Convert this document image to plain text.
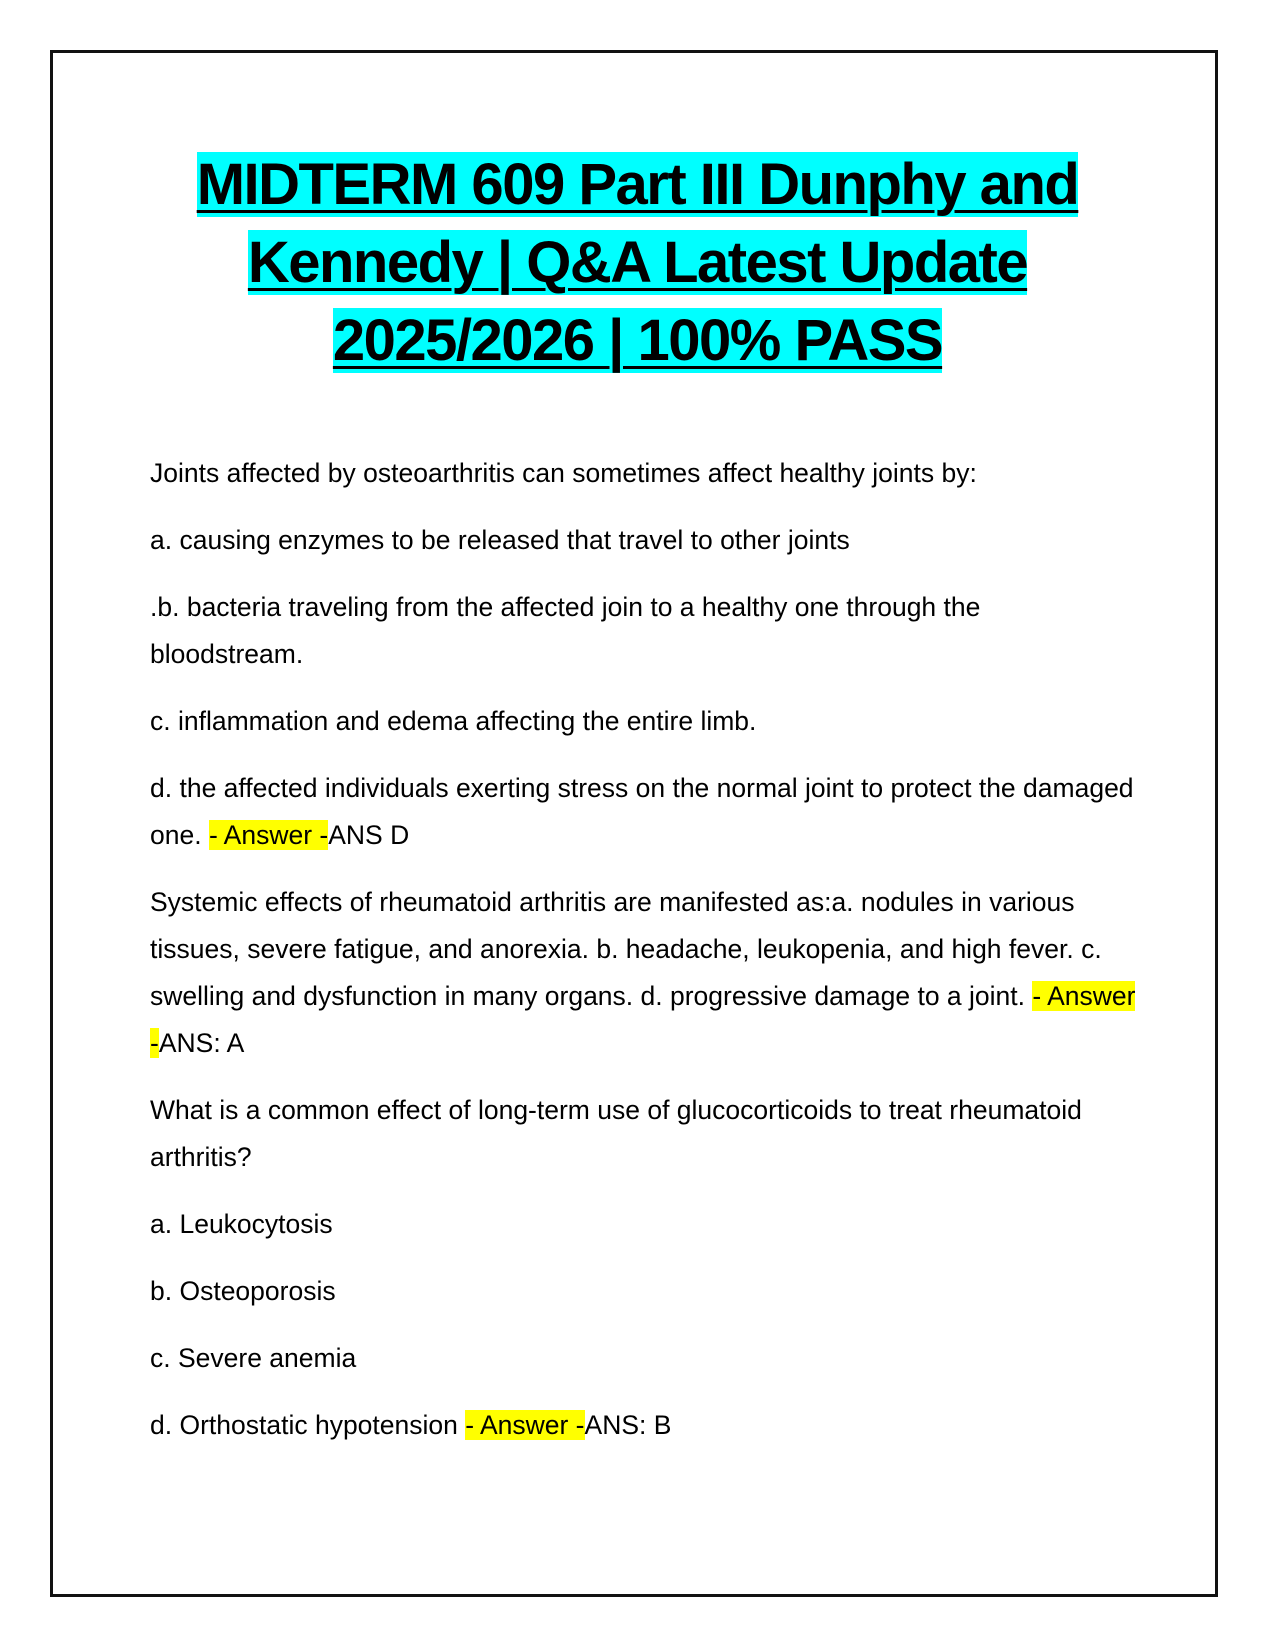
MIDTERM 609 Part III Dunphy and
Kennedy | Q&A Latest Update
2025/2026 | 100% PASS

Joints affected by osteoarthritis can sometimes affect healthy joints by:

a. causing enzymes to be released that travel to other joints

.b. bacteria traveling from the affected join to a healthy one through the bloodstream.

c. inflammation and edema affecting the entire limb.

d. the affected individuals exerting stress on the normal joint to protect the damaged one. - Answer -ANS D

Systemic effects of rheumatoid arthritis are manifested as:a. nodules in various tissues, severe fatigue, and anorexia. b. headache, leukopenia, and high fever. c. swelling and dysfunction in many organs. d. progressive damage to a joint. - Answer -ANS: A

What is a common effect of long-term use of glucocorticoids to treat rheumatoid arthritis?

a. Leukocytosis

b. Osteoporosis

c. Severe anemia

d. Orthostatic hypotension - Answer -ANS: B
